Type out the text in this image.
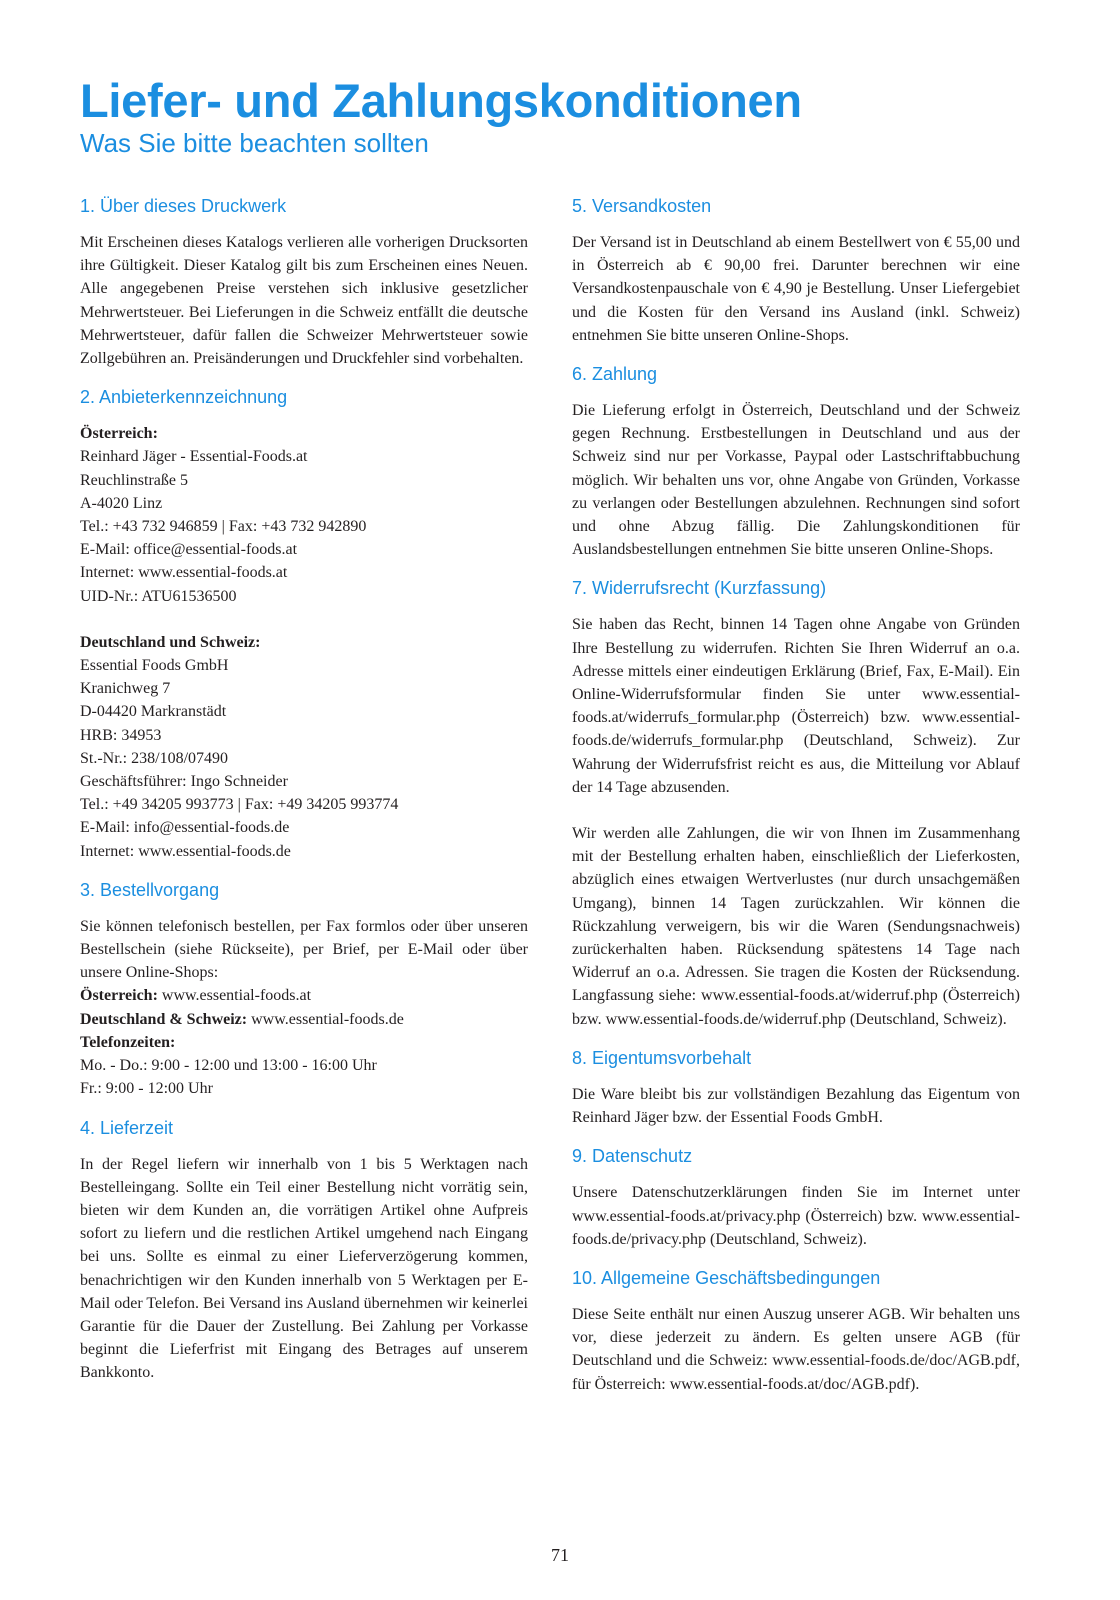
Liefer- und Zahlungskonditionen
Was Sie bitte beachten sollten
1. Über dieses Druckwerk

Mit Erscheinen dieses Katalogs verlieren alle vorherigen Drucksorten ihre Gültigkeit. Dieser Katalog gilt bis zum Erscheinen eines Neuen. Alle angegebenen Preise verstehen sich inklusive gesetzlicher Mehrwertsteuer. Bei Lieferungen in die Schweiz entfällt die deutsche Mehrwertsteuer, dafür fallen die Schweizer Mehrwertsteuer sowie Zollgebühren an. Preisänderungen und Druckfehler sind vorbehalten.

2. Anbieterkennzeichnung
Österreich:
Reinhard Jäger - Essential-Foods.at
Reuchlinstraße 5
A-4020 Linz
Tel.: +43 732 946859 | Fax: +43 732 942890
E-Mail: office@essential-foods.at
Internet: www.essential-foods.at
UID-Nr.: ATU61536500
Deutschland und Schweiz:
Essential Foods GmbH
Kranichweg 7
D-04420 Markranstädt
HRB: 34953
St.-Nr.: 238/108/07490
Geschäftsführer: Ingo Schneider
Tel.: +49 34205 993773 | Fax: +49 34205 993774
E-Mail: info@essential-foods.de
Internet: www.essential-foods.de
3. Bestellvorgang

Sie können telefonisch bestellen, per Fax formlos oder über unseren Bestellschein (siehe Rückseite), per Brief, per E-Mail oder über unsere Online-Shops:

Österreich: www.essential-foods.at
Deutschland & Schweiz: www.essential-foods.de
Telefonzeiten:
Mo. - Do.: 9:00 - 12:00 und 13:00 - 16:00 Uhr
Fr.: 9:00 - 12:00 Uhr
4. Lieferzeit

In der Regel liefern wir innerhalb von 1 bis 5 Werktagen nach Bestelleingang. Sollte ein Teil einer Bestellung nicht vorrätig sein, bieten wir dem Kunden an, die vorrätigen Artikel ohne Aufpreis sofort zu liefern und die restlichen Artikel umgehend nach Eingang bei uns. Sollte es einmal zu einer Lieferverzögerung kommen, benachrichtigen wir den Kunden innerhalb von 5 Werktagen per E-Mail oder Telefon. Bei Versand ins Ausland übernehmen wir keinerlei Garantie für die Dauer der Zustellung. Bei Zahlung per Vorkasse beginnt die Lieferfrist mit Eingang des Betrages auf unserem Bankkonto.

5. Versandkosten

Der Versand ist in Deutschland ab einem Bestellwert von € 55,00 und in Österreich ab € 90,00 frei. Darunter berechnen wir eine Versandkostenpauschale von € 4,90 je Bestellung. Unser Liefergebiet und die Kosten für den Versand ins Ausland (inkl. Schweiz) entnehmen Sie bitte unseren Online-Shops.

6. Zahlung

Die Lieferung erfolgt in Österreich, Deutschland und der Schweiz gegen Rechnung. Erstbestellungen in Deutschland und aus der Schweiz sind nur per Vorkasse, Paypal oder Lastschriftabbuchung möglich. Wir behalten uns vor, ohne Angabe von Gründen, Vorkasse zu verlangen oder Bestellungen abzulehnen. Rechnungen sind sofort und ohne Abzug fällig. Die Zahlungskonditionen für Auslandsbestellungen entnehmen Sie bitte unseren Online-Shops.

7. Widerrufsrecht (Kurzfassung)

Sie haben das Recht, binnen 14 Tagen ohne Angabe von Gründen Ihre Bestellung zu widerrufen. Richten Sie Ihren Widerruf an o.a. Adresse mittels einer eindeutigen Erklärung (Brief, Fax, E-Mail). Ein Online-Widerrufsformular finden Sie unter www.essential-foods.at/widerrufs_formular.php (Österreich) bzw. www.essential-foods.de/widerrufs_formular.php (Deutschland, Schweiz). Zur Wahrung der Widerrufsfrist reicht es aus, die Mitteilung vor Ablauf der 14 Tage abzusenden.

Wir werden alle Zahlungen, die wir von Ihnen im Zusammenhang mit der Bestellung erhalten haben, einschließlich der Lieferkosten, abzüglich eines etwaigen Wertverlustes (nur durch unsachgemäßen Umgang), binnen 14 Tagen zurückzahlen. Wir können die Rückzahlung verweigern, bis wir die Waren (Sendungsnachweis) zurückerhalten haben. Rücksendung spätestens 14 Tage nach Widerruf an o.a. Adressen. Sie tragen die Kosten der Rücksendung. Langfassung siehe: www.essential-foods.at/widerruf.php (Österreich) bzw. www.essential-foods.de/widerruf.php (Deutschland, Schweiz).

8. Eigentumsvorbehalt

Die Ware bleibt bis zur vollständigen Bezahlung das Eigentum von Reinhard Jäger bzw. der Essential Foods GmbH.

9. Datenschutz

Unsere Datenschutzerklärungen finden Sie im Internet unter www.essential-foods.at/privacy.php (Österreich) bzw. www.essential-foods.de/privacy.php (Deutschland, Schweiz).

10. Allgemeine Geschäftsbedingungen

Diese Seite enthält nur einen Auszug unserer AGB. Wir behalten uns vor, diese jederzeit zu ändern. Es gelten unsere AGB (für Deutschland und die Schweiz: www.essential-foods.de/doc/AGB.pdf, für Österreich: www.essential-foods.at/doc/AGB.pdf).

71
